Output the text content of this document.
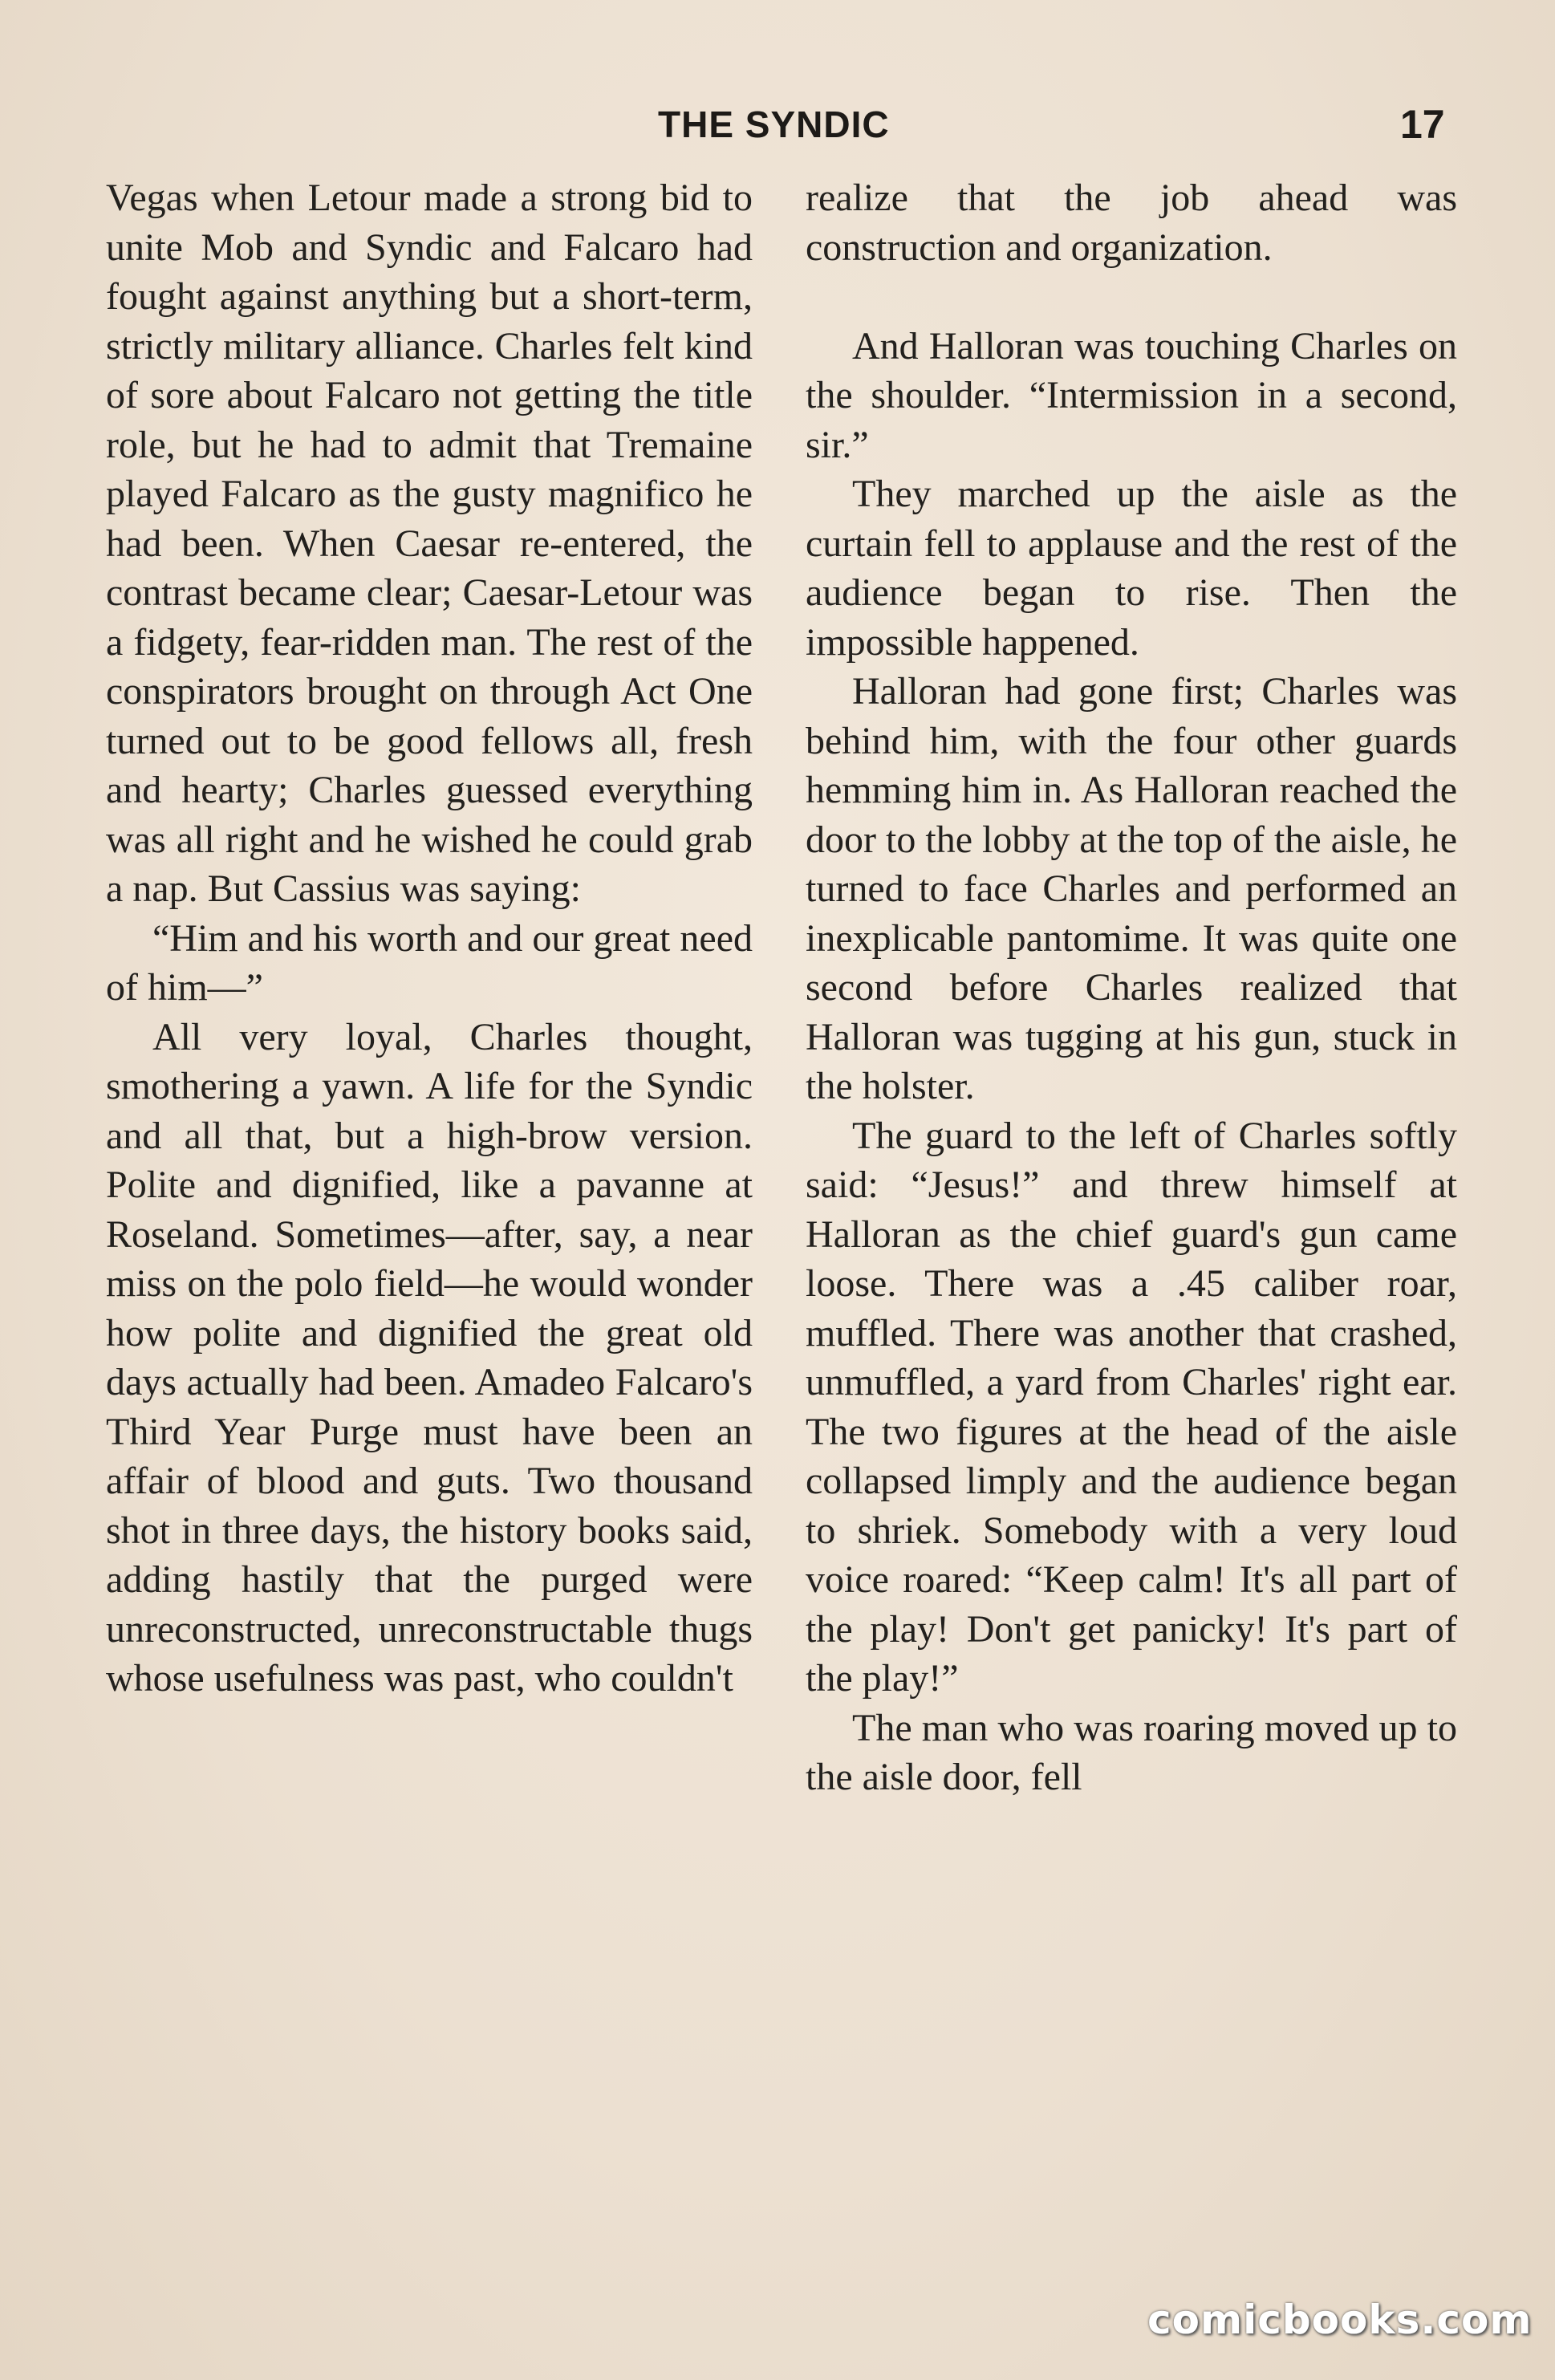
THE SYNDIC	17

Vegas when Letour made a strong bid to unite Mob and Syndic and Falcaro had fought against anything but a short-term, strictly military alliance. Charles felt kind of sore about Falcaro not getting the title role, but he had to admit that Tremaine played Falcaro as the gusty magnifico he had been. When Caesar re-entered, the contrast became clear; Caesar-Letour was a fidgety, fear-ridden man. The rest of the conspirators brought on through Act One turned out to be good fellows all, fresh and hearty; Charles guessed everything was all right and he wished he could grab a nap. But Cassius was saying:

“Him and his worth and our great need of him—”

All very loyal, Charles thought, smothering a yawn. A life for the Syndic and all that, but a high-brow version. Polite and dignified, like a pavanne at Roseland. Sometimes—after, say, a near miss on the polo field—he would wonder how polite and dignified the great old days actually had been. Amadeo Falcaro's Third Year Purge must have been an affair of blood and guts. Two thousand shot in three days, the history books said, adding hastily that the purged were unreconstructed, unreconstructable thugs whose usefulness was past, who couldn't

realize that the job ahead was construction and organization.

And Halloran was touching Charles on the shoulder. “Intermission in a second, sir.”

They marched up the aisle as the curtain fell to applause and the rest of the audience began to rise. Then the impossible happened.

Halloran had gone first; Charles was behind him, with the four other guards hemming him in. As Halloran reached the door to the lobby at the top of the aisle, he turned to face Charles and performed an inexplicable pantomime. It was quite one second before Charles realized that Halloran was tugging at his gun, stuck in the holster.

The guard to the left of Charles softly said: “Jesus!” and threw himself at Halloran as the chief guard's gun came loose. There was a .45 caliber roar, muffled. There was another that crashed, unmuffled, a yard from Charles' right ear. The two figures at the head of the aisle collapsed limply and the audience began to shriek. Somebody with a very loud voice roared: “Keep calm! It's all part of the play! Don't get panicky! It's part of the play!”

The man who was roaring moved up to the aisle door, fell

comicbooks.com
